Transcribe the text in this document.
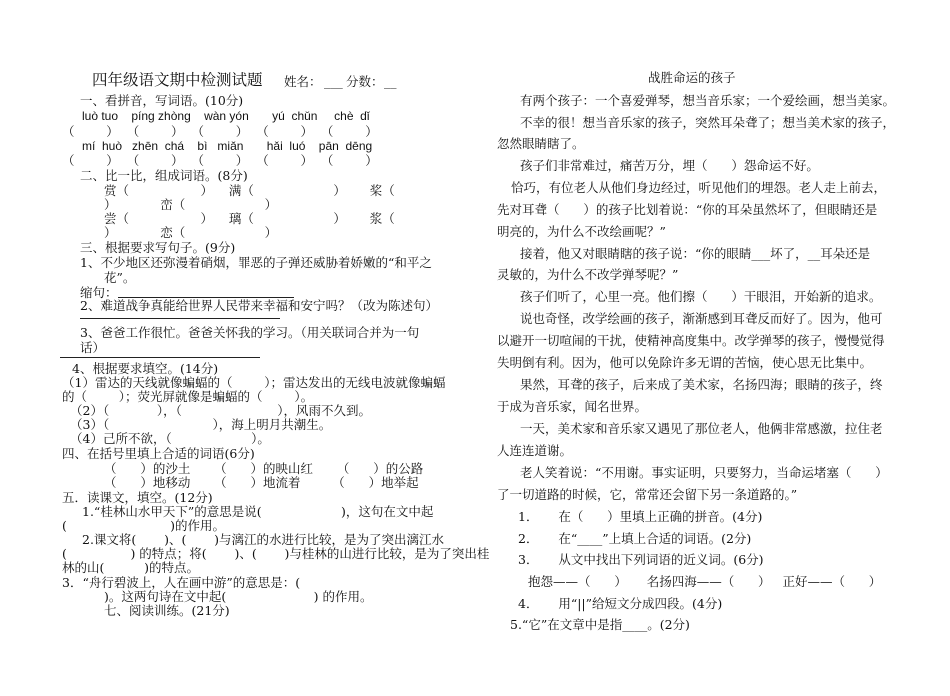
四年级语文期中检测试题 姓名： ___ 分数： __
一、看拼音，写词语。(10分)
luò tuo    píng zhòng    wàn yón       yú  chǔn     chè  dǐ
（        ）  （        ）  （        ）  （        ）  （        ）
mí  huò   zhēn  chá    bì   miǎn       hǎi  luó    pān  dēng
（        ）  （        ）  （        ）  （        ）  （        ）
二、比一比，组成词语。(8分)
赏（                  ）    满（                    ）      桨（
）           峦（                    ）
尝（                  ）    璃（                    ）      浆（
）           恋（                    ）
三、根据要求写句子。(9分)
1、不少地区还弥漫着硝烟，罪恶的子弹还威胁着娇嫩的“和平之
花”。
缩句：
2、难道战争真能给世界人民带来幸福和安宁吗？（改为陈述句）
3、爸爸工作很忙。爸爸关怀我的学习。（用关联词合并为一句
话）
4、根据要求填空。(14分)
（1）雷达的天线就像蝙蝠的（        ）；雷达发出的无线电波就像蝙蝠
的（        ）；荧光屏就像是蝙蝠的（        ）。
（2）（            ），（                        ），风雨不久到。
（3）（                          ），海上明月共潮生。
（4）己所不欲，（                    ）。
四、在括号里填上合适的词语(6分)
（      ）的沙土      （      ）的映山红      （      ）的公路
（      ）地移动      （      ）地流着        （      ）地举起
五．读课文，填空。(12分)
1.“桂林山水甲天下”的意思是说(                    )，这句在文中起
(                          )的作用。
2.课文将(       )、(       )与漓江的水进行比较，是为了突出漓江水
(                ) 的特点；将(       )、(       )与桂林的山进行比较，是为了突出桂
林的山(          )的特点。
3．“舟行碧波上，人在画中游”的意思是：(
)。这两句诗在文中起(                      ) 的作用。
七、阅读训练。(21分)
战胜命运的孩子
有两个孩子：一个喜爱弹琴，想当音乐家；一个爱绘画，想当美家。
不幸的很！想当音乐家的孩子，突然耳朵聋了；想当美术家的孩子，
忽然眼睛瞎了。
孩子们非常难过，痛苦万分，埋（      ）怨命运不好。
恰巧，有位老人从他们身边经过，听见他们的埋怨。老人走上前去，
先对耳聋（      ）的孩子比划着说：“你的耳朵虽然坏了，但眼睛还是
明亮的，为什么不改绘画呢？”
接着，他又对眼睛瞎的孩子说：“你的眼睛___坏了，__耳朵还是
灵敏的，为什么不改学弹琴呢？”
孩子们听了，心里一亮。他们擦（      ）干眼泪，开始新的追求。
说也奇怪，改学绘画的孩子，渐渐感到耳聋反而好了。因为，他可
以避开一切喧闹的干扰，使精神高度集中。改学弹琴的孩子，慢慢觉得
失明倒有利。因为，他可以免除许多无谓的苦恼，使心思无比集中。
果然，耳聋的孩子，后来成了美术家，名扬四海；眼睛的孩子，终
于成为音乐家，闻名世界。
一天，美术家和音乐家又遇见了那位老人，他俩非常感激，拉住老
人连连道谢。
老人笑着说：“不用谢。事实证明，只要努力，当命运堵塞（      ）
了一切道路的时候，它，常常还会留下另一条道路的。”
1．     在（      ）里填上正确的拼音。(4分)
2．     在“____”上填上合适的词语。(2分)
3．     从文中找出下列词语的近义词。(6分)
抱怨——（      ）     名扬四海——（      ）   正好——（      ）
4．     用“||”给短文分成四段。(4分)
5.“它”在文章中是指____。(2分)
